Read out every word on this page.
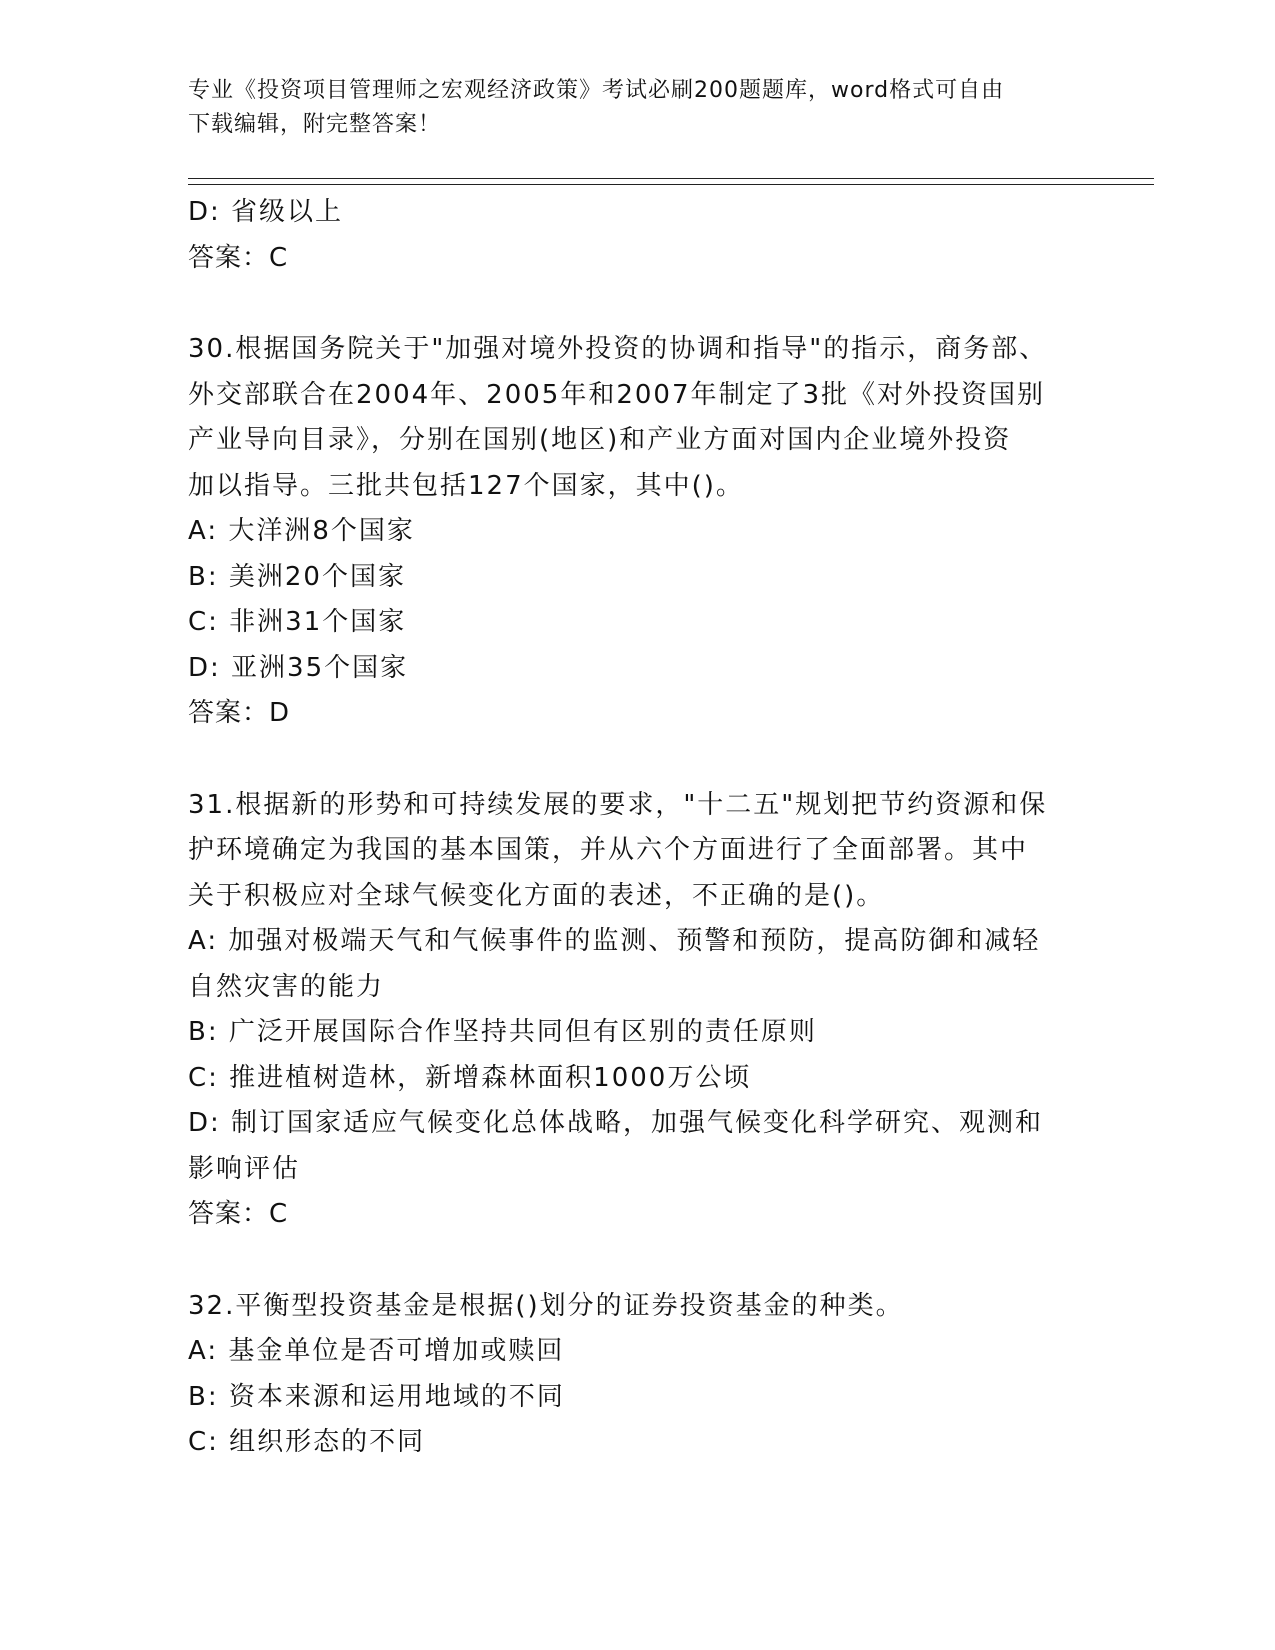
专业《投资项目管理师之宏观经济政策》考试必刷200题题库，word格式可自由
下载编辑，附完整答案！
D: 省级以上
答案：C
30.根据国务院关于"加强对境外投资的协调和指导"的指示，商务部、
外交部联合在2004年、2005年和2007年制定了3批《对外投资国别
产业导向目录》，分别在国别(地区)和产业方面对国内企业境外投资
加以指导。三批共包括127个国家，其中()。
A: 大洋洲8个国家
B: 美洲20个国家
C: 非洲31个国家
D: 亚洲35个国家
答案：D
31.根据新的形势和可持续发展的要求，"十二五"规划把节约资源和保
护环境确定为我国的基本国策，并从六个方面进行了全面部署。其中
关于积极应对全球气候变化方面的表述，不正确的是()。
A: 加强对极端天气和气候事件的监测、预警和预防，提高防御和减轻
自然灾害的能力
B: 广泛开展国际合作坚持共同但有区别的责任原则
C: 推进植树造林，新增森林面积1000万公顷
D: 制订国家适应气候变化总体战略，加强气候变化科学研究、观测和
影响评估
答案：C
32.平衡型投资基金是根据()划分的证券投资基金的种类。
A: 基金单位是否可增加或赎回
B: 资本来源和运用地域的不同
C: 组织形态的不同
